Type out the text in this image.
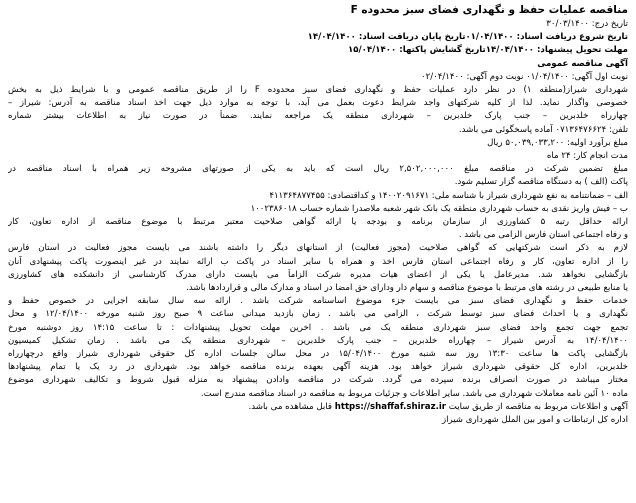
مناقصه عملیات حفظ و نگهداری فضای سبز محدوده F
تاریخ درج: ۳۰/۰۳/۱۴۰۰
تاریخ شروع دریافت اسناد: ۰۱/۰۴/۱۴۰۰تاریخ پایان دریافت اسناد: ۱۴/۰۴/۱۴۰۰
مهلت تحویل پیشنهاد: ۱۴/۰۴/۱۴۰۰تاریخ گشایش پاکتها: ۱۵/۰۴/۱۴۰۰
آگهی مناقصه عمومی
نوبت اول آگهی: ۰۱/۰۴/۱۴۰۰ نوبت دوم آگهی: ۰۲/۰۴/۱۴۰۰
شهرداری شیراز(منطقه ۱) در نظر دارد عملیات حفظ و نگهداری فضای سبز محدوده F را از طریق مناقصه عمومی و با شرایط ذیل به بخش
خصوصی واگذار نماید. لذا از کلیه شرکتهای واجد شرایط دعوت بعمل می آید، با توجه به موارد ذیل جهت اخذ اسناد مناقصه به آدرس: شیراز –
چهارراه خلدبرین – جنب پارک خلدبرین – شهرداری منطقه یک مراجعه نمایند. ضمناً در صورت نیاز به اطلاعات بیشتر شماره
تلفن: ۰۷۱۳۶۴۷۶۶۲۴ آماده پاسخگوئی می باشد.
مبلغ برآورد اولیه: ۵۰,۰۳۹,۰۳۳,۲۰۰ ریال
مدت انجام کار: ۲۴ ماه
مبلغ تضمین شرکت در مناقصه مبلغ ۲,۵۰۲,۰۰۰,۰۰۰ ریال است که باید به یکی از صورتهای مشروحه زیر همراه با اسناد مناقصه در
پاکت (الف ) به دستگاه مناقصه گزار تسلیم شود.
الف – ضمانتنامه به نفع شهرداری شیراز با شناسه ملی: ۱۴۰۰۲۰۹۱۶۷۱ و کداقتصادی: ۴۱۱۳۶۴۸۷۷۴۵۵
ب – فیش واریز نقدی به حساب شهرداری منطقه یک بانک شهر شعبه ملاصدرا شماره حساب ۱۰۰۲۳۸۶۰۱۸
ارائه حداقل رتبه ۵ کشاورزی از سازمان برنامه و بودجه یا ارائه گواهی صلاحیت معتبر مرتبط با موضوع مناقصه از اداره تعاون، کار
و رفاه اجتماعی استان فارس الزامی می باشد .
لازم به ذکر است شرکتهایی که گواهی صلاحیت (مجوز فعالیت) از استانهای دیگر را داشته باشند می بایست مجوز فعالیت در استان فارس
را از اداره تعاون، کار و رفاه اجتماعی استان فارس اخذ و همراه با سایر اسناد در پاکت ب ارائه نمایند در غیر اینصورت پاکت پیشنهادی آنان
بازگشایی نخواهد شد. مدیرعامل یا یکی از اعضای هیات مدیره شرکت الزاماً می بایست دارای مدرک کارشناسی از دانشکده های کشاورزی
یا منابع طبیعی در رشته های مرتبط با موضوع مناقصه و سهام دار ودارای حق امضا در اسناد و مدارک مالی و قراردادها باشد.
خدمات حفظ و نگهداری فضای سبز می بایست جزء موضوع اساسنامه شرکت باشد . ارائه سه سال سابقه اجرایی در خصوص حفظ و
نگهداری و یا احداث فضای سبز توسط شرکت ، الزامی می باشد . زمان بازدید میدانی ساعت ۹ صبح روز شنبه مورخه ۱۲/۰۴/۱۴۰۰ و محل
تجمع جهت تجمع واحد فضای سبز شهرداری منطقه یک می باشد . اخرین مهلت تحویل پیشنهادات : تا ساعت ۱۴:۱۵ روز دوشنبه مورخ
۱۴/۰۴/۱۴۰۰ به آدرس شیراز – چهارراه خلدبرین – جنب پارک خلدبرین – شهرداری منطقه یک می باشد . زمان تشکیل کمیسیون
بازگشایی پاکت ها ساعت ۱۳:۳۰ روز سه شنبه مورخ ۱۵/۰۴/۱۴۰۰ در محل سالن جلسات اداره کل حقوقی شهرداری شیراز واقع درچهارراه
خلدبرین، اداره کل حقوقی شهرداری شیراز خواهد بود. هزینه آگهی بعهده برنده مناقصه خواهد بود. شهرداری در رد یک یا تمام پیشنهادها
مختار میباشد در صورت انصراف برنده سپرده می گردد. شرکت در مناقصه وادادن پیشنهاد به منزله قبول شروط و تکالیف شهرداری موضوع
ماده ۱۰ آئین نامه معاملات شهرداری می باشد. سایر اطلاعات و جزئیات مربوط به مناقصه در اسناد مناقصه مندرج است.
آگهی و اطلاعات مربوط به مناقصه از طریق سایت https://shaffaf.shiraz.ir قابل مشاهده می باشد.
اداره کل ارتباطات و امور بین الملل شهرداری شیراز
